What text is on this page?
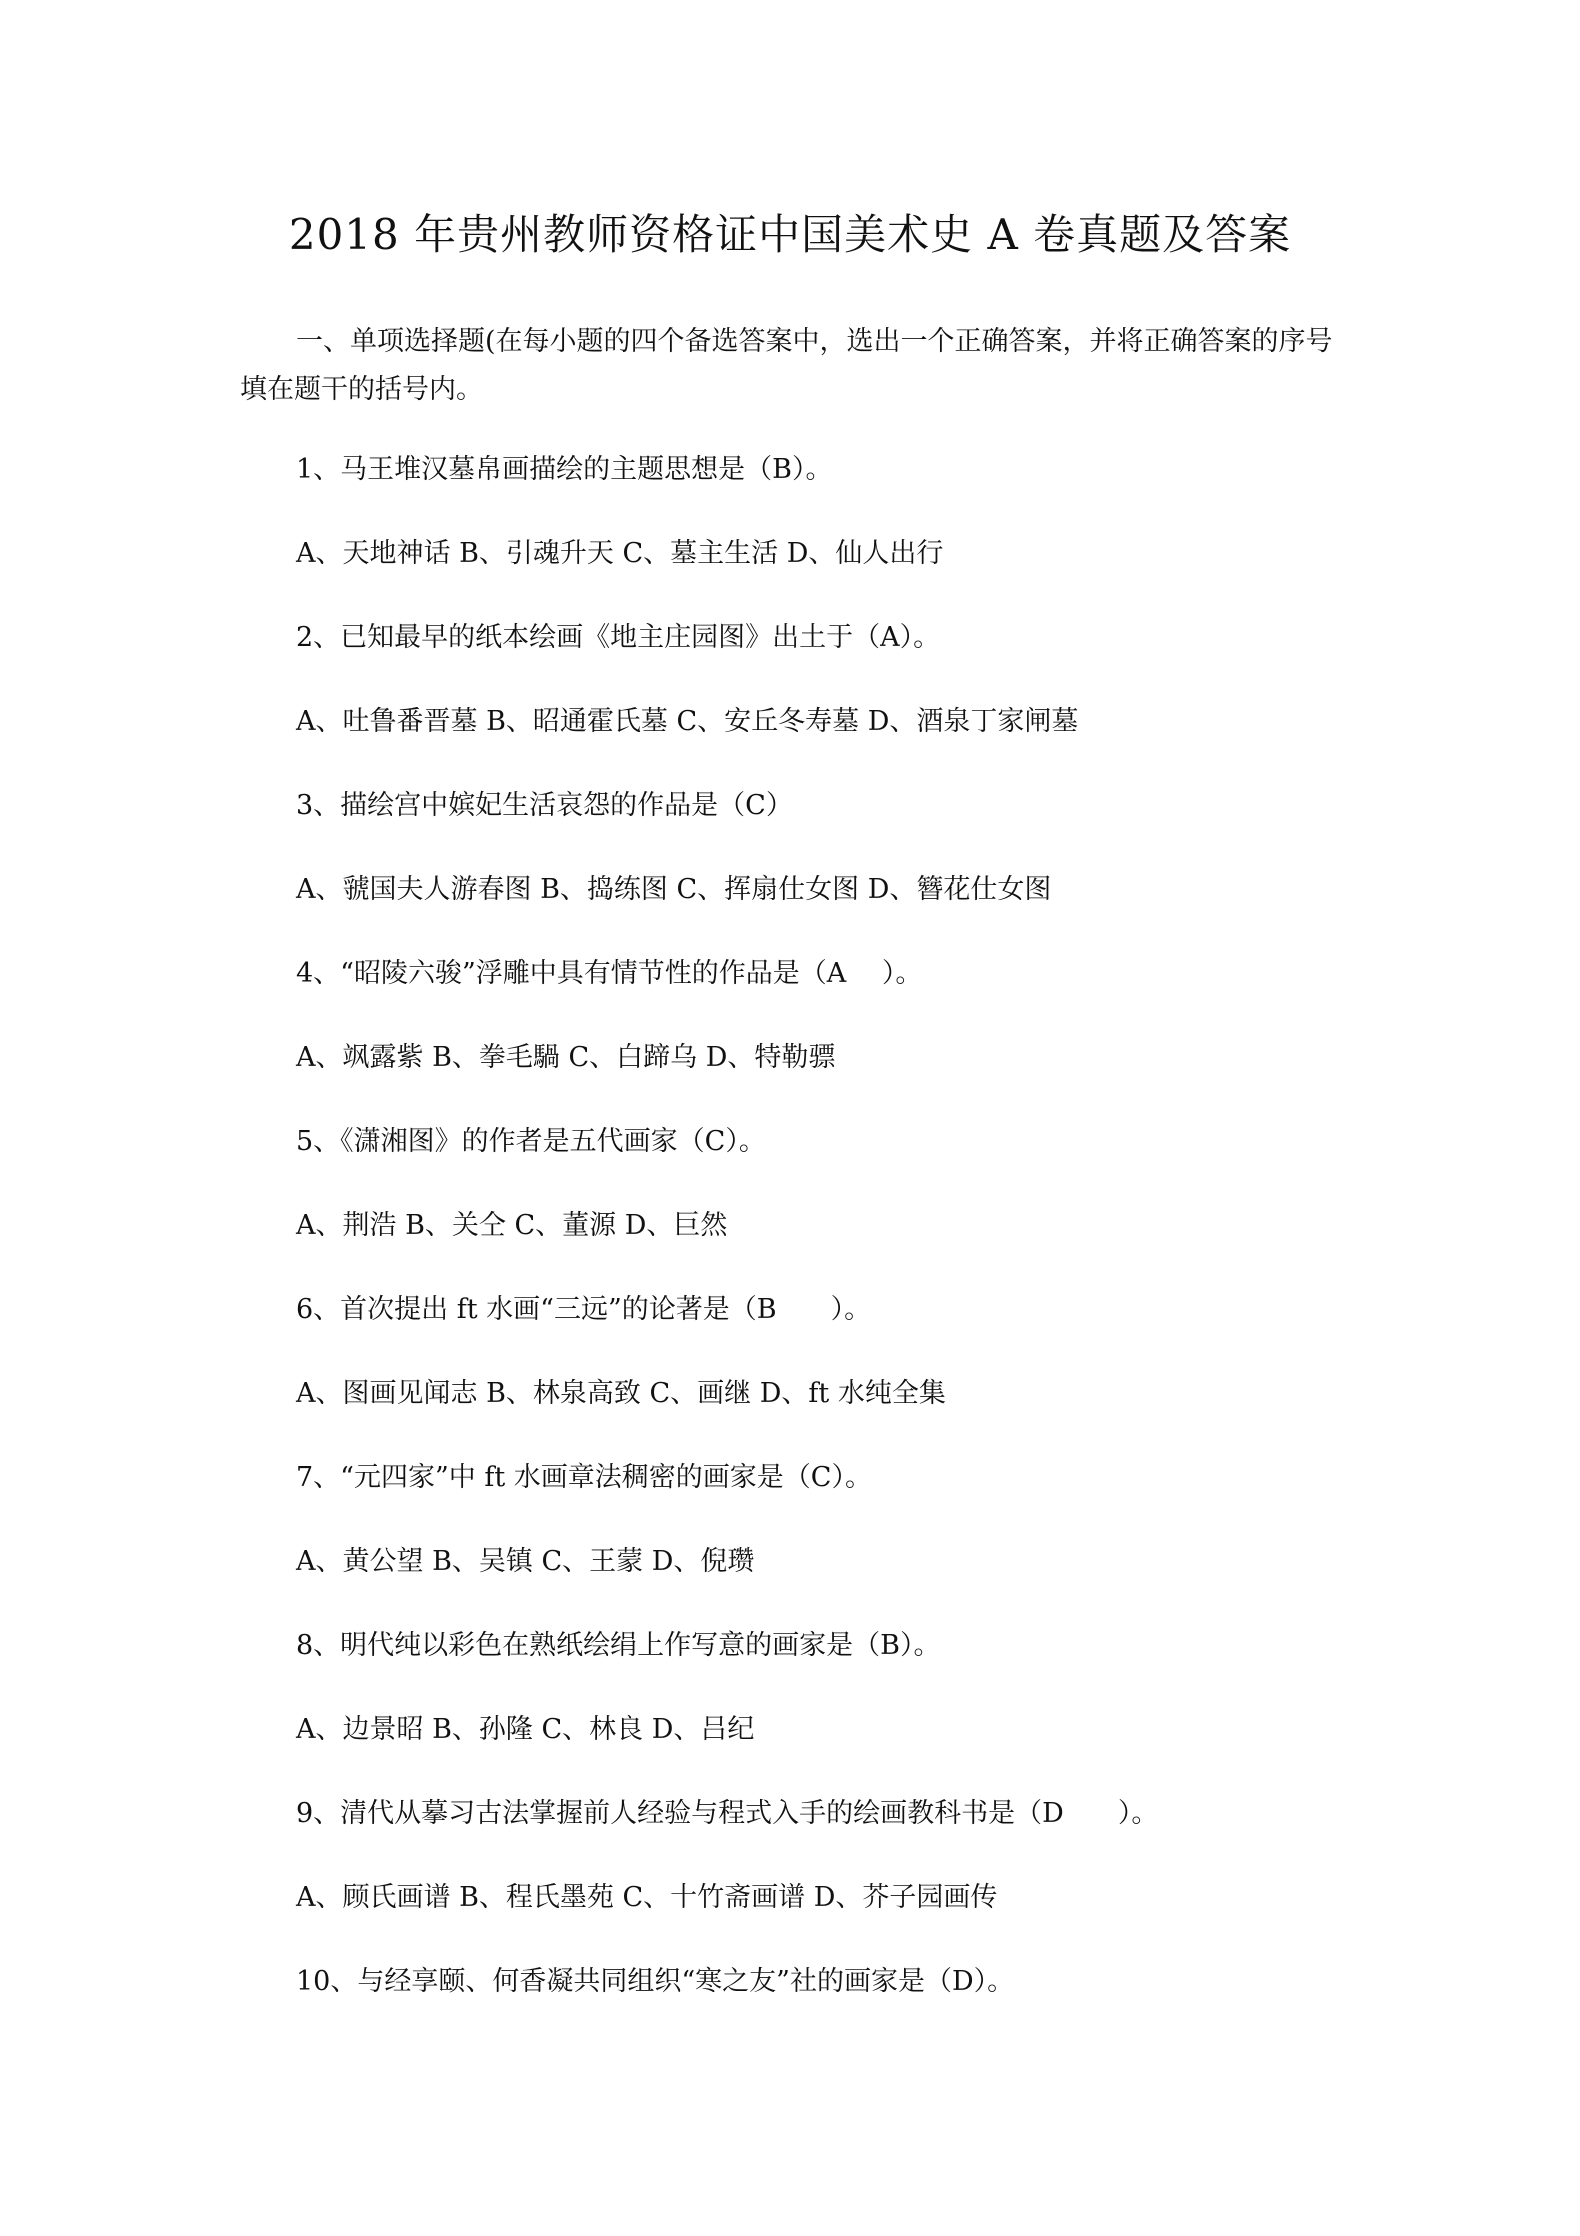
2018 年贵州教师资格证中国美术史 A 卷真题及答案

一、单项选择题(在每小题的四个备选答案中，选出一个正确答案，并将正确答案的序号填在题干的括号内。

1、马王堆汉墓帛画描绘的主题思想是（B）。

A、天地神话 B、引魂升天 C、墓主生活 D、仙人出行

2、已知最早的纸本绘画《地主庄园图》出土于（A）。

A、吐鲁番晋墓 B、昭通霍氏墓 C、安丘冬寿墓 D、酒泉丁家闸墓

3、描绘宫中嫔妃生活哀怨的作品是（C）

A、虢国夫人游春图 B、捣练图 C、挥扇仕女图 D、簪花仕女图

4、“昭陵六骏”浮雕中具有情节性的作品是（A　 ）。

A、飒露紫 B、拳毛騧 C、白蹄乌 D、特勒骠

5、《潇湘图》的作者是五代画家（C）。

A、荆浩 B、关仝 C、董源 D、巨然

6、首次提出 ft 水画“三远”的论著是（B　　）。

A、图画见闻志 B、林泉高致 C、画继 D、ft 水纯全集

7、“元四家”中 ft 水画章法稠密的画家是（C）。

A、黄公望 B、吴镇 C、王蒙 D、倪瓒

8、明代纯以彩色在熟纸绘绢上作写意的画家是（B）。

A、边景昭 B、孙隆 C、林良 D、吕纪

9、清代从摹习古法掌握前人经验与程式入手的绘画教科书是（D　　）。

A、顾氏画谱 B、程氏墨苑 C、十竹斋画谱 D、芥子园画传

10、与经享颐、何香凝共同组织“寒之友”社的画家是（D）。
